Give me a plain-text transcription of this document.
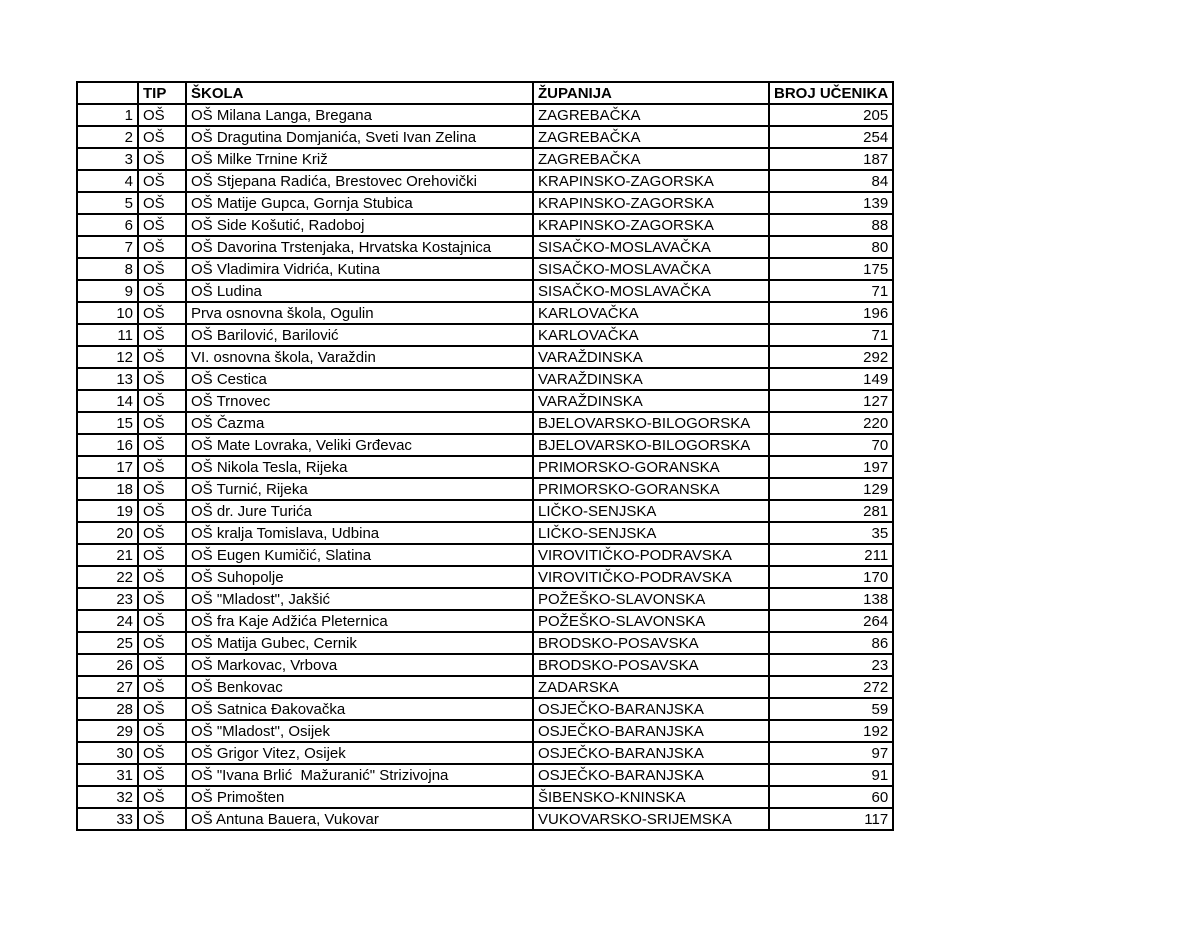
	TIP	ŠKOLA	ŽUPANIJA	BROJ UČENIKA
1	OŠ	OŠ Milana Langa, Bregana	ZAGREBAČKA	205
2	OŠ	OŠ Dragutina Domjanića, Sveti Ivan Zelina	ZAGREBAČKA	254
3	OŠ	OŠ Milke Trnine Križ	ZAGREBAČKA	187
4	OŠ	OŠ Stjepana Radića, Brestovec Orehovički	KRAPINSKO-ZAGORSKA	84
5	OŠ	OŠ Matije Gupca, Gornja Stubica	KRAPINSKO-ZAGORSKA	139
6	OŠ	OŠ Side Košutić, Radoboj	KRAPINSKO-ZAGORSKA	88
7	OŠ	OŠ Davorina Trstenjaka, Hrvatska Kostajnica	SISAČKO-MOSLAVAČKA	80
8	OŠ	OŠ Vladimira Vidrića, Kutina	SISAČKO-MOSLAVAČKA	175
9	OŠ	OŠ Ludina	SISAČKO-MOSLAVAČKA	71
10	OŠ	Prva osnovna škola, Ogulin	KARLOVAČKA	196
11	OŠ	OŠ Barilović, Barilović	KARLOVAČKA	71
12	OŠ	VI. osnovna škola, Varaždin	VARAŽDINSKA	292
13	OŠ	OŠ Cestica	VARAŽDINSKA	149
14	OŠ	OŠ Trnovec	VARAŽDINSKA	127
15	OŠ	OŠ Čazma	BJELOVARSKO-BILOGORSKA	220
16	OŠ	OŠ Mate Lovraka, Veliki Grđevac	BJELOVARSKO-BILOGORSKA	70
17	OŠ	OŠ Nikola Tesla, Rijeka	PRIMORSKO-GORANSKA	197
18	OŠ	OŠ Turnić, Rijeka	PRIMORSKO-GORANSKA	129
19	OŠ	OŠ dr. Jure Turića	LIČKO-SENJSKA	281
20	OŠ	OŠ kralja Tomislava, Udbina	LIČKO-SENJSKA	35
21	OŠ	OŠ Eugen Kumičić, Slatina	VIROVITIČKO-PODRAVSKA	211
22	OŠ	OŠ Suhopolje	VIROVITIČKO-PODRAVSKA	170
23	OŠ	OŠ "Mladost", Jakšić	POŽEŠKO-SLAVONSKA	138
24	OŠ	OŠ fra Kaje Adžića Pleternica	POŽEŠKO-SLAVONSKA	264
25	OŠ	OŠ Matija Gubec, Cernik	BRODSKO-POSAVSKA	86
26	OŠ	OŠ Markovac, Vrbova	BRODSKO-POSAVSKA	23
27	OŠ	OŠ Benkovac	ZADARSKA	272
28	OŠ	OŠ Satnica Đakovačka	OSJEČKO-BARANJSKA	59
29	OŠ	OŠ "Mladost", Osijek	OSJEČKO-BARANJSKA	192
30	OŠ	OŠ Grigor Vitez, Osijek	OSJEČKO-BARANJSKA	97
31	OŠ	OŠ "Ivana Brlić  Mažuranić" Strizivojna	OSJEČKO-BARANJSKA	91
32	OŠ	OŠ Primošten	ŠIBENSKO-KNINSKA	60
33	OŠ	OŠ Antuna Bauera, Vukovar	VUKOVARSKO-SRIJEMSKA	117
